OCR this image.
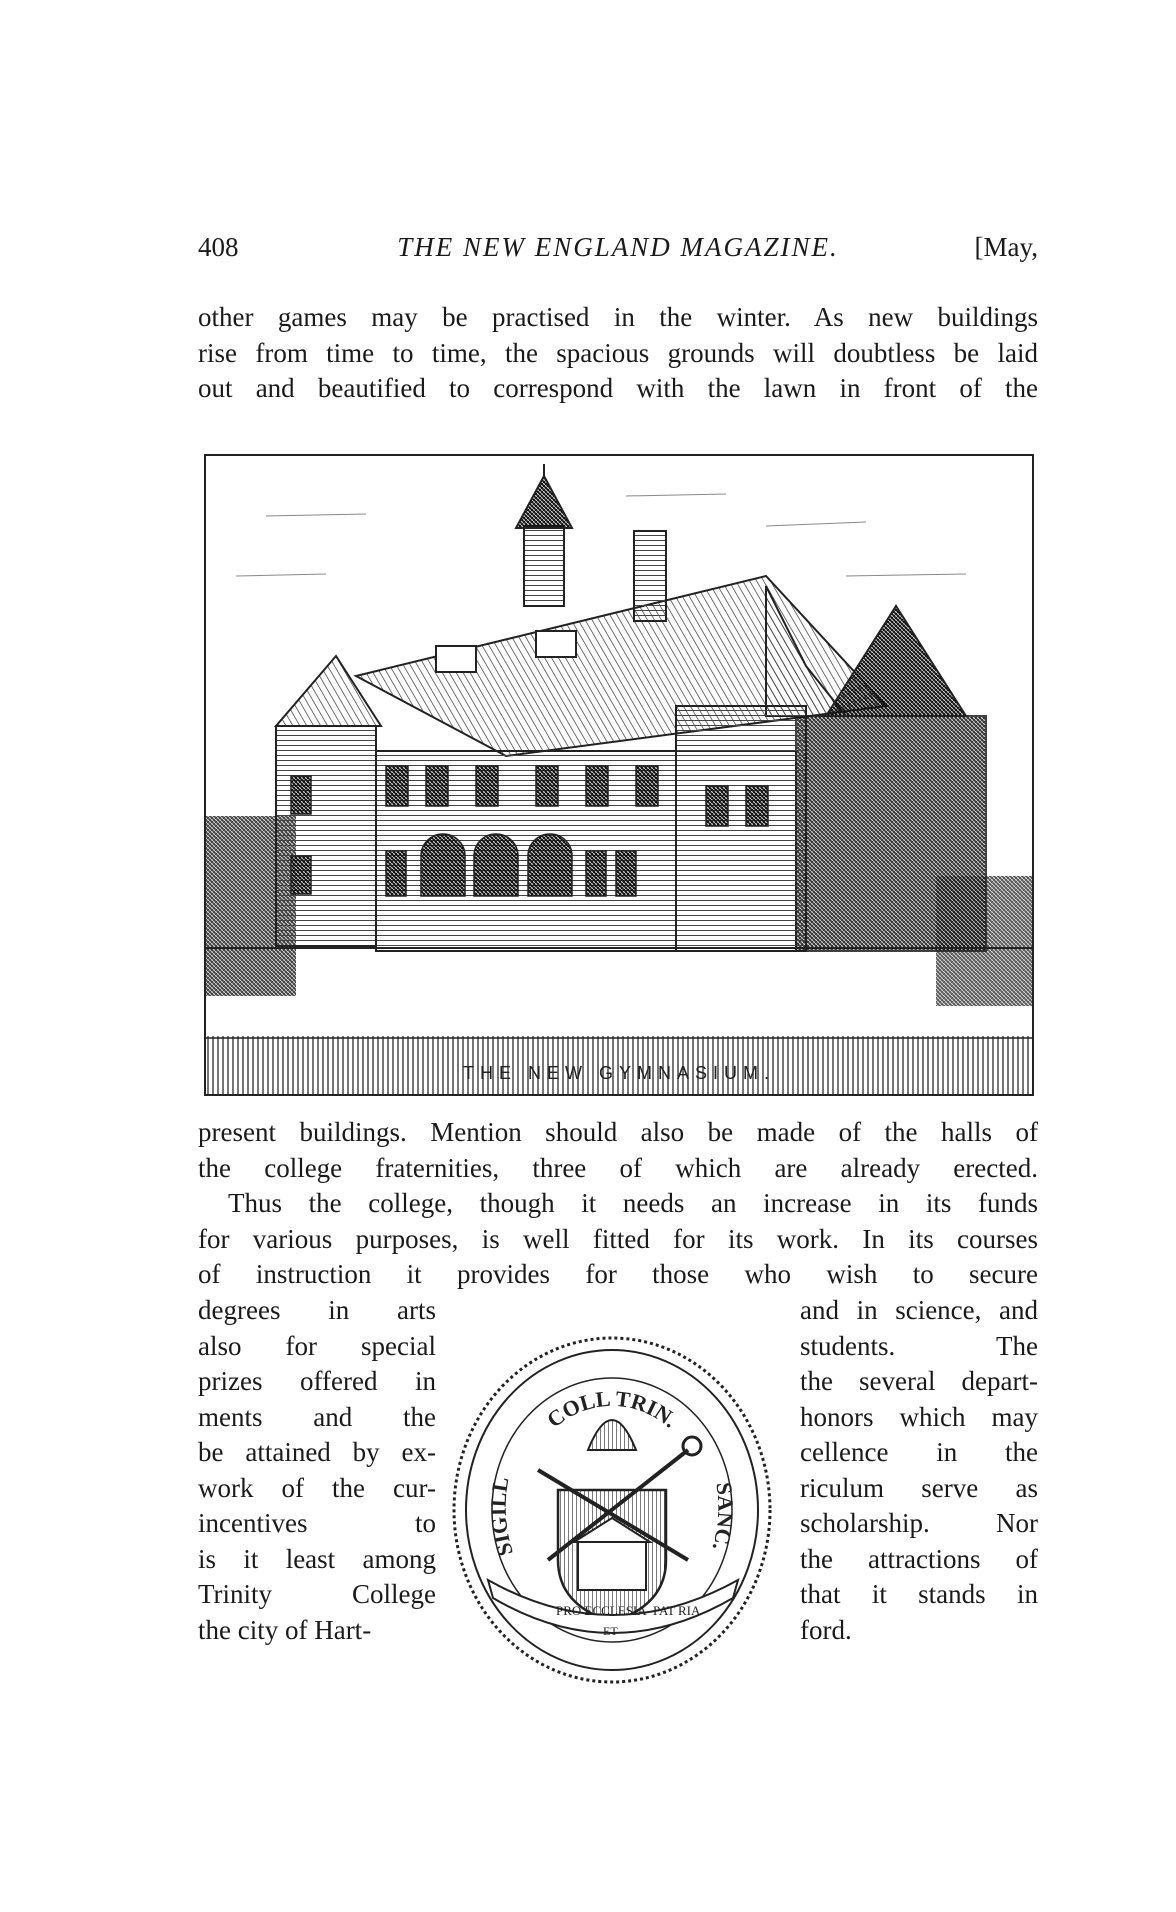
408	THE NEW ENGLAND MAGAZINE.	[May,
other games may be practised in the winter. As new buildings
rise from time to time, the spacious grounds will doubtless be laid
out and beautified to correspond with the lawn in front of the
THE NEW GYMNASIUM.
present buildings. Mention should also be made of the halls of
the college fraternities, three of which are already erected.
Thus the college, though it needs an increase in its funds
for various purposes, is well fitted for its work. In its courses
of instruction it provides for those who wish to secure
degrees in arts
also for special
prizes offered in
ments and the
be attained by ex-
work of the cur-
incentives to
is it least among
Trinity College
the city of Hart-
and in science, and
students. The
the several depart-
honors which may
cellence in the
riculum serve as
scholarship. Nor
the attractions of
that it stands in
ford.
COLL TRIN.
SIGILL	SANC.
PRO ECCLESIA PAT RIA
ET
